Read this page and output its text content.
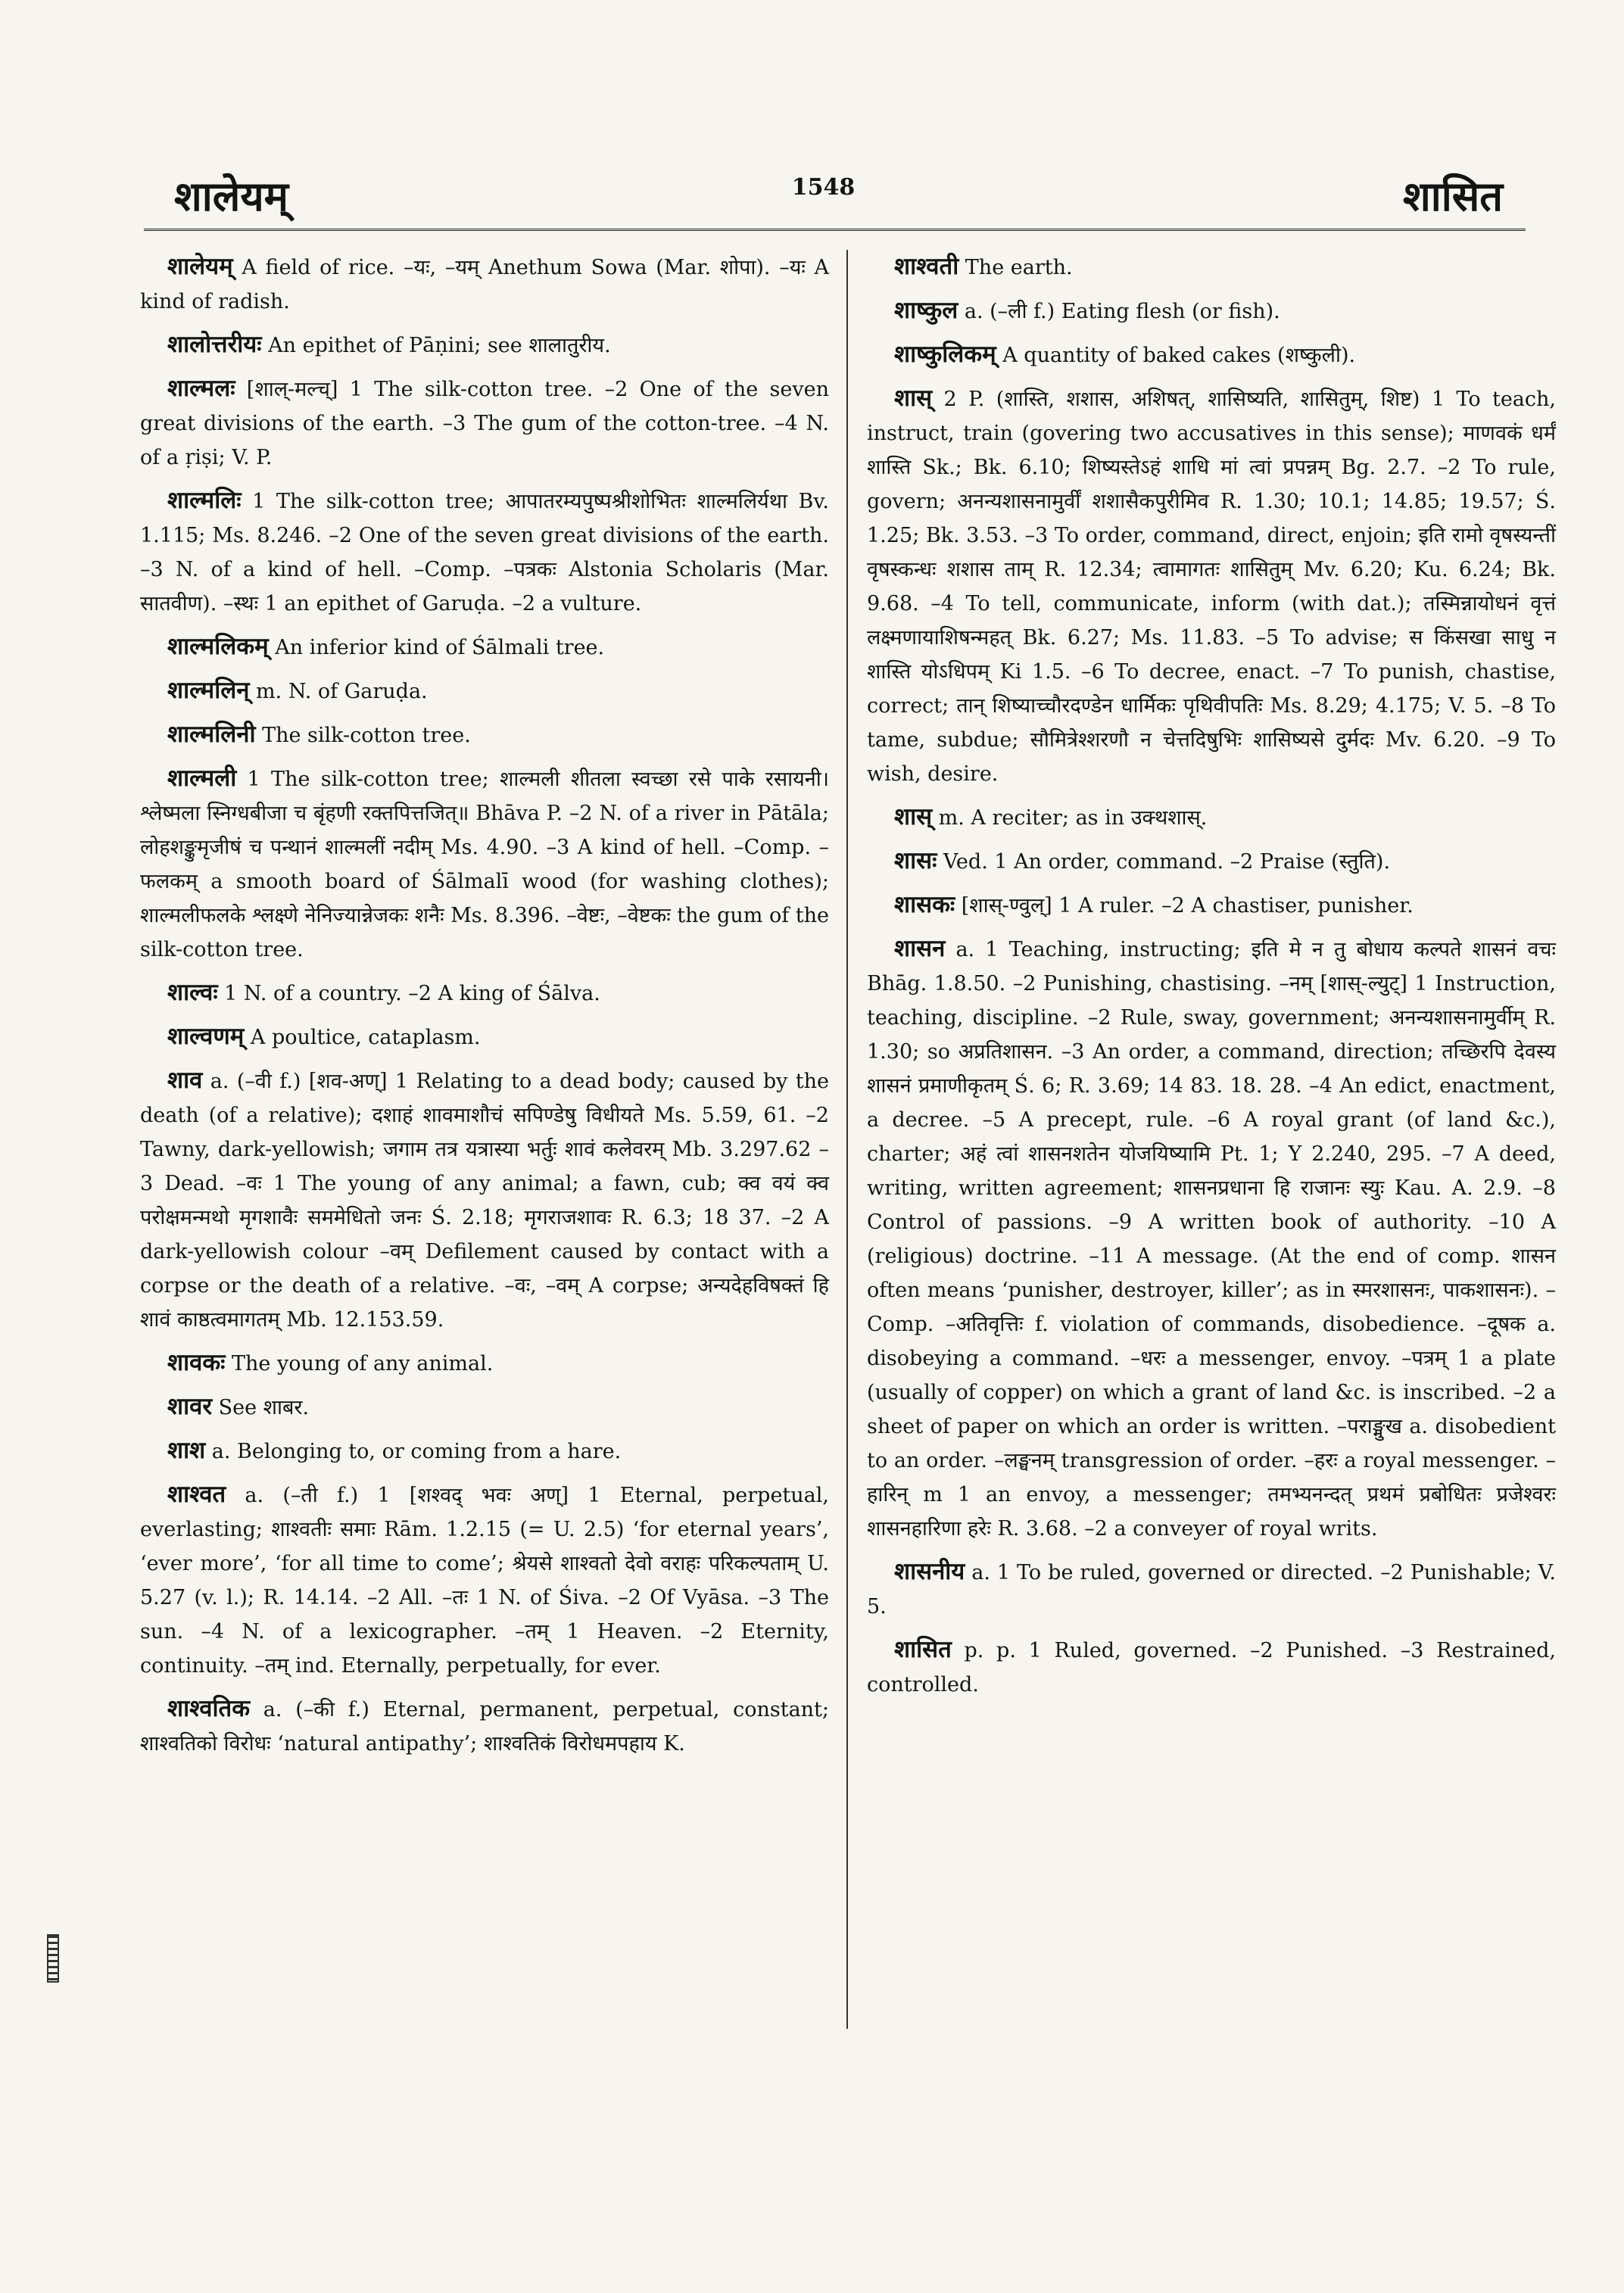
शालेयम्	1548	शासित

शालेयम् A field of rice. –यः, –यम् Anethum Sowa (Mar. शोपा). –यः A kind of radish.

शालोत्तरीयः An epithet of Pāṇini; see शालातुरीय.

शाल्मलः [शाल्-मल्च्] 1 The silk-cotton tree. –2 One of the seven great divisions of the earth. –3 The gum of the cotton-tree. –4 N. of a ṛiṣi; V. P.

शाल्मलिः 1 The silk-cotton tree; आपातरम्यपुष्पश्रीशोभितः शाल्मलिर्यथा Bv. 1.115; Ms. 8.246. –2 One of the seven great divisions of the earth. –3 N. of a kind of hell. –Comp. –पत्रकः Alstonia Scholaris (Mar. सातवीण). –स्थः 1 an epithet of Garuḍa. –2 a vulture.

शाल्मलिकम् An inferior kind of Śālmali tree.

शाल्मलिन् m. N. of Garuḍa.

शाल्मलिनी The silk-cotton tree.

शाल्मली 1 The silk-cotton tree; शाल्मली शीतला स्वच्छा रसे पाके रसायनी। श्लेष्मला स्निग्धबीजा च बृंहणी रक्तपित्तजित्॥ Bhāva P. –2 N. of a river in Pātāla; लोहशङ्कुमृजीषं च पन्थानं शाल्मलीं नदीम् Ms. 4.90. –3 A kind of hell. –Comp. –फलकम् a smooth board of Śālmalī wood (for washing clothes); शाल्मलीफलके श्लक्ष्णे नेनिज्यान्नेजकः शनैः Ms. 8.396. –वेष्टः, –वेष्टकः the gum of the silk-cotton tree.

शाल्वः 1 N. of a country. –2 A king of Śālva.

शाल्वणम् A poultice, cataplasm.

शाव a. (–वी f.) [शव-अण्] 1 Relating to a dead body; caused by the death (of a relative); दशाहं शावमाशौचं सपिण्डेषु विधीयते Ms. 5.59, 61. –2 Tawny, dark-yellowish; जगाम तत्र यत्रास्या भर्तुः शावं कलेवरम् Mb. 3.297.62 –3 Dead. –वः 1 The young of any animal; a fawn, cub; क्व वयं क्व परोक्षमन्मथो मृगशावैः सममेधितो जनः Ś. 2.18; मृगराजशावः R. 6.3; 18 37. –2 A dark-yellowish colour –वम् Defilement caused by contact with a corpse or the death of a relative. –वः, –वम् A corpse; अन्यदेहविषक्तं हि शावं काष्ठत्वमागतम् Mb. 12.153.59.

शावकः The young of any animal.

शावर See शाबर.

शाश a. Belonging to, or coming from a hare.

शाश्वत a. (–ती f.) 1 [शश्वद् भवः अण्] 1 Eternal, perpetual, everlasting; शाश्वतीः समाः Rām. 1.2.15 (= U. 2.5) ‘for eternal years’, ‘ever more’, ‘for all time to come’; श्रेयसे शाश्वतो देवो वराहः परिकल्पताम् U. 5.27 (v. l.); R. 14.14. –2 All. –तः 1 N. of Śiva. –2 Of Vyāsa. –3 The sun. –4 N. of a lexicographer. –तम् 1 Heaven. –2 Eternity, continuity. –तम् ind. Eternally, perpetually, for ever.

शाश्वतिक a. (–की f.) Eternal, permanent, perpetual, constant; शाश्वतिको विरोधः ‘natural antipathy’; शाश्वतिकं विरोधमपहाय K.

शाश्वती The earth.

शाष्कुल a. (–ली f.) Eating flesh (or fish).

शाष्कुलिकम् A quantity of baked cakes (शष्कुली).

शास् 2 P. (शास्ति, शशास, अशिषत्, शासिष्यति, शासितुम्, शिष्ट) 1 To teach, instruct, train (govering two accusatives in this sense); माणवकं धर्मं शास्ति Sk.; Bk. 6.10; शिष्यस्तेऽहं शाधि मां त्वां प्रपन्नम् Bg. 2.7. –2 To rule, govern; अनन्यशासनामुर्वीं शशासैकपुरीमिव R. 1.30; 10.1; 14.85; 19.57; Ś. 1.25; Bk. 3.53. –3 To order, command, direct, enjoin; इति रामो वृषस्यन्तीं वृषस्कन्धः शशास ताम् R. 12.34; त्वामागतः शासितुम् Mv. 6.20; Ku. 6.24; Bk. 9.68. –4 To tell, communicate, inform (with dat.); तस्मिन्नायोधनं वृत्तं लक्ष्मणायाशिषन्महत् Bk. 6.27; Ms. 11.83. –5 To advise; स किंसखा साधु न शास्ति योऽधिपम् Ki 1.5. –6 To decree, enact. –7 To punish, chastise, correct; तान् शिष्याच्चौरदण्डेन धार्मिकः पृथिवीपतिः Ms. 8.29; 4.175; V. 5. –8 To tame, subdue; सौमित्रेश्शरणौ न चेत्तदिषुभिः शासिष्यसे दुर्मदः Mv. 6.20. –9 To wish, desire.

शास् m. A reciter; as in उक्थशास्.

शासः Ved. 1 An order, command. –2 Praise (स्तुति).

शासकः [शास्-ण्वुल्] 1 A ruler. –2 A chastiser, punisher.

शासन a. 1 Teaching, instructing; इति मे न तु बोधाय कल्पते शासनं वचः Bhāg. 1.8.50. –2 Punishing, chastising. –नम् [शास्-ल्युट्] 1 Instruction, teaching, discipline. –2 Rule, sway, government; अनन्यशासनामुर्वीम् R. 1.30; so अप्रतिशासन. –3 An order, a command, direction; तच्छिरपि देवस्य शासनं प्रमाणीकृतम् Ś. 6; R. 3.69; 14 83. 18. 28. –4 An edict, enactment, a decree. –5 A precept, rule. –6 A royal grant (of land &c.), charter; अहं त्वां शासनशतेन योजयिष्यामि Pt. 1; Y 2.240, 295. –7 A deed, writing, written agreement; शासनप्रधाना हि राजानः स्युः Kau. A. 2.9. –8 Control of passions. –9 A written book of authority. –10 A (religious) doctrine. –11 A message. (At the end of comp. शासन often means ‘punisher, destroyer, killer’; as in स्मरशासनः, पाकशासनः). –Comp. –अतिवृत्तिः f. violation of commands, disobedience. –दूषक a. disobeying a command. –धरः a messenger, envoy. –पत्रम् 1 a plate (usually of copper) on which a grant of land &c. is inscribed. –2 a sheet of paper on which an order is written. –पराङ्मुख a. disobedient to an order. –लङ्घनम् transgression of order. –हरः a royal messenger. –हारिन् m 1 an envoy, a messenger; तमभ्यनन्दत् प्रथमं प्रबोधितः प्रजेश्वरः शासनहारिणा हरेः R. 3.68. –2 a conveyer of royal writs.

शासनीय a. 1 To be ruled, governed or directed. –2 Punishable; V. 5.

शासित p. p. 1 Ruled, governed. –2 Punished. –3 Restrained, controlled.
